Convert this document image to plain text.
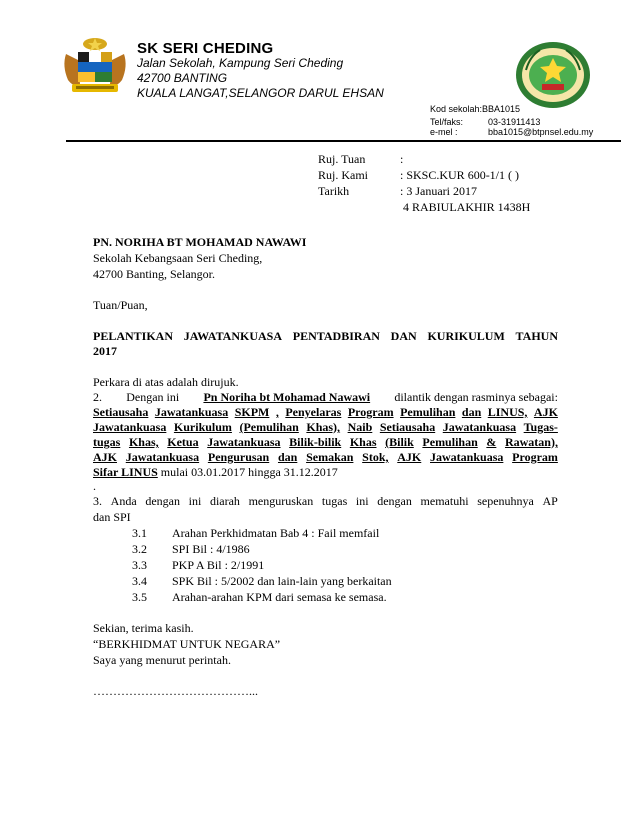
SK SERI CHEDING
Jalan Sekolah, Kampung Seri Cheding
42700 BANTING
KUALA LANGAT,SELANGOR DARUL EHSAN
Kod sekolah:BBA1015
Tel/faks:	03-31911413
e-mel :	bba1015@btpnsel.edu.my
Ruj. Tuan	:
Ruj. Kami	: SKSC.KUR 600-1/1 ( )
Tarikh	: 3 Januari 2017
4 RABIULAKHIR 1438H
PN. NORIHA BT MOHAMAD NAWAWI
Sekolah Kebangsaan Seri Cheding,
42700 Banting, Selangor.
Tuan/Puan,
PELANTIKAN JAWATANKUASA PENTADBIRAN DAN KURIKULUM TAHUN
2017
Perkara di atas adalah dirujuk.
2. Dengan ini Pn Noriha bt Mohamad Nawawi dilantik dengan rasminya sebagai:
Setiausaha Jawatankuasa SKPM , Penyelaras Program Pemulihan dan LINUS, AJK
Jawatankuasa Kurikulum (Pemulihan Khas), Naib Setiausaha Jawatankuasa Tugas-
tugas Khas, Ketua Jawatankuasa Bilik-bilik Khas (Bilik Pemulihan & Rawatan),
AJK Jawatankuasa Pengurusan dan Semakan Stok, AJK Jawatankuasa Program
Sifar LINUS mulai 03.01.2017 hingga 31.12.2017
.
3. Anda dengan ini diarah menguruskan tugas ini dengan mematuhi sepenuhnya AP
dan SPI
3.1 Arahan Perkhidmatan Bab 4 : Fail memfail
3.2 SPI Bil : 4/1986
3.3 PKP A Bil : 2/1991
3.4 SPK Bil : 5/2002 dan lain-lain yang berkaitan
3.5 Arahan-arahan KPM dari semasa ke semasa.
Sekian, terima kasih.
“BERKHIDMAT UNTUK NEGARA”
Saya yang menurut perintah.
…………………………………...
